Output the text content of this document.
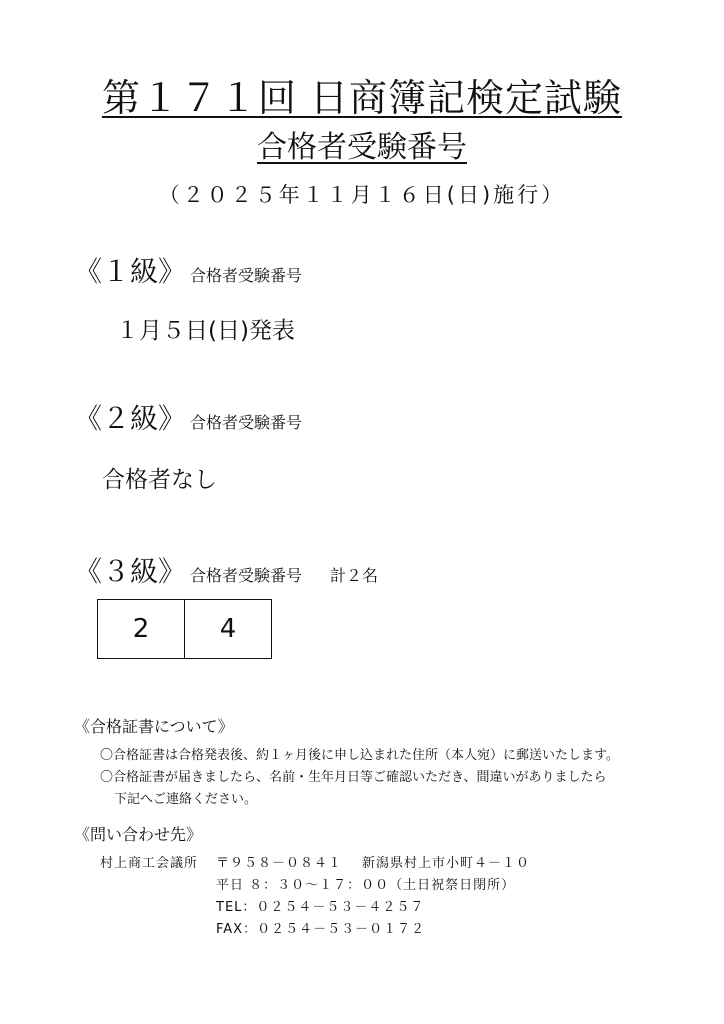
第１７１回 日商簿記検定試験
合格者受験番号
（２０２５年１１月１６日(日)施行）
《１級》 合格者受験番号
１月５日(日)発表
《２級》 合格者受験番号
合格者なし
《３級》 合格者受験番号 計２名
2	4
《合格証書について》
〇合格証書は合格発表後、約１ヶ月後に申し込まれた住所（本人宛）に郵送いたします。
〇合格証書が届きましたら、名前・生年月日等ご確認いただき、間違いがありましたら
下記へご連絡ください。
《問い合わせ先》
村上商工会議所 〒９５８－０８４１ 新潟県村上市小町４－１０
平日 ８：３０～１７：００（土日祝祭日閉所）
TEL：０２５４－５３－４２５７
FAX：０２５４－５３－０１７２
